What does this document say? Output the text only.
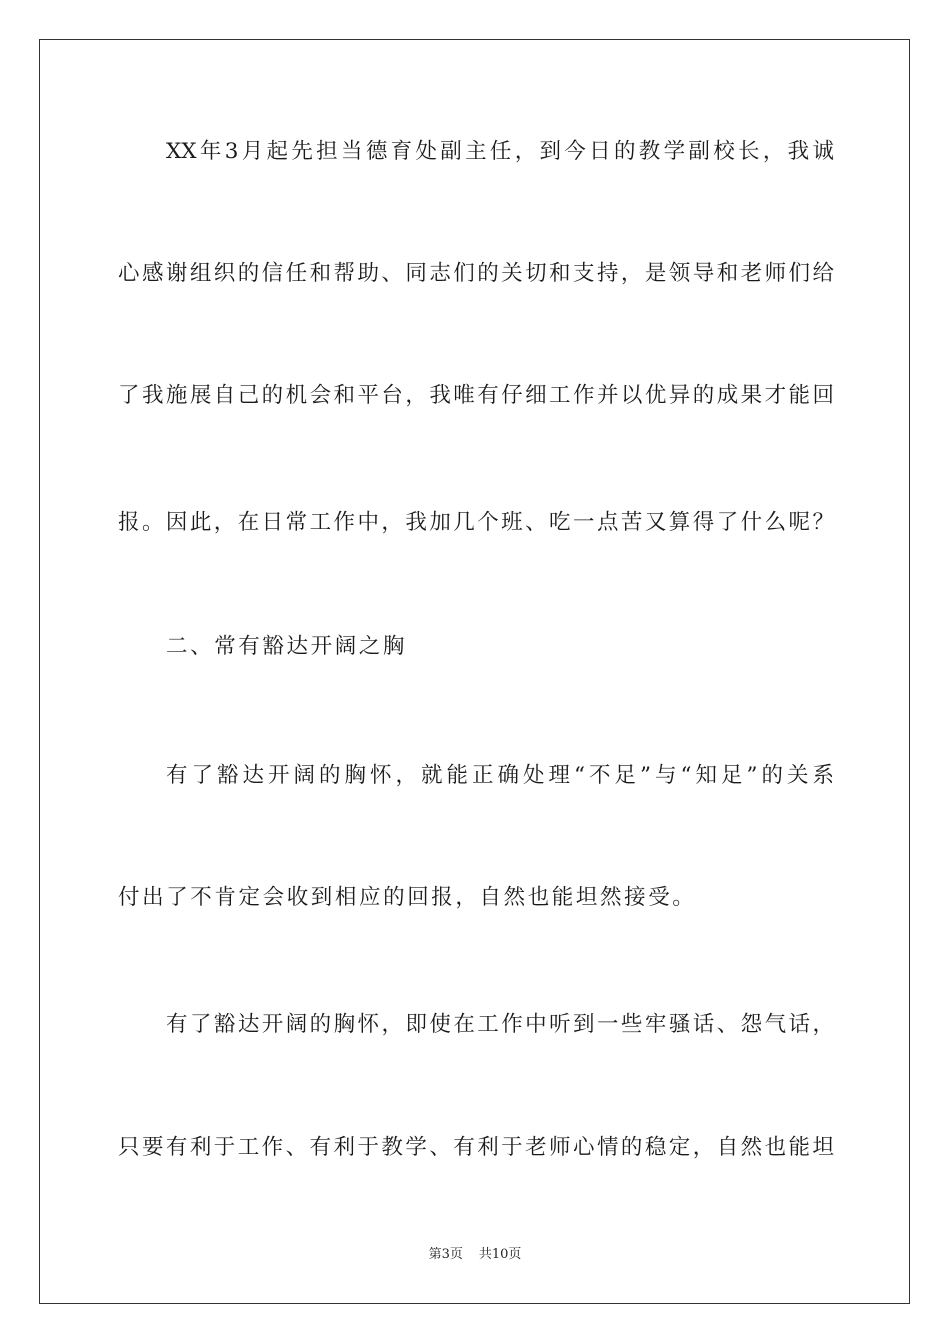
XX年3月起先担当德育处副主任，到今日的教学副校长，我诚
心感谢组织的信任和帮助、同志们的关切和支持，是领导和老师们给
了我施展自己的机会和平台，我唯有仔细工作并以优异的成果才能回
报。因此，在日常工作中，我加几个班、吃一点苦又算得了什么呢？
二、常有豁达开阔之胸
有了豁达开阔的胸怀，就能正确处理“不足”与“知足”的关系
付出了不肯定会收到相应的回报，自然也能坦然接受。
有了豁达开阔的胸怀，即使在工作中听到一些牢骚话、怨气话，
只要有利于工作、有利于教学、有利于老师心情的稳定，自然也能坦
第3页 共10页
